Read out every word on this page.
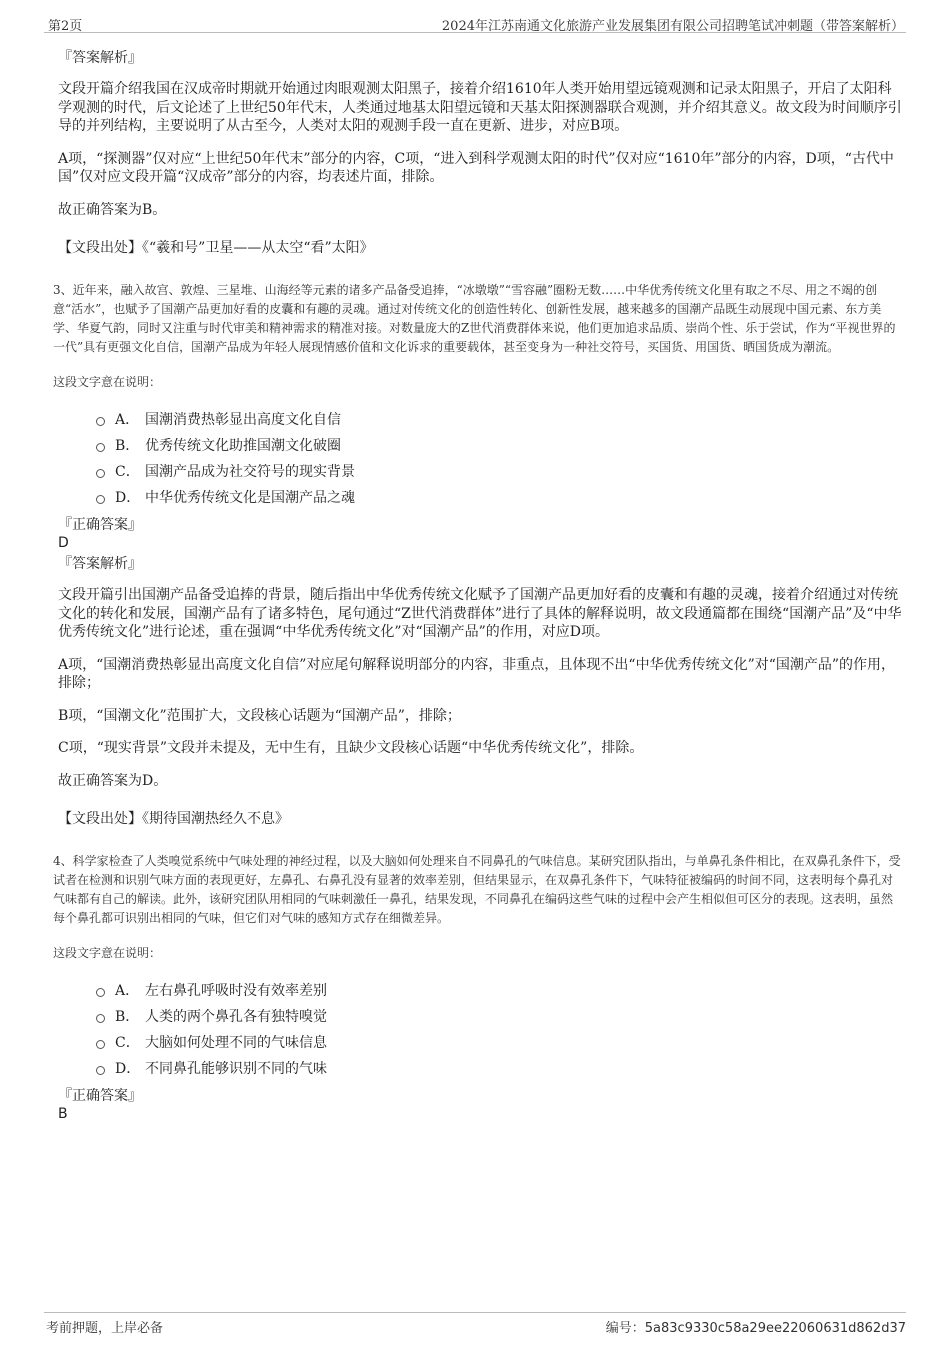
第2页	2024年江苏南通文化旅游产业发展集团有限公司招聘笔试冲刺题（带答案解析）
『答案解析』
文段开篇介绍我国在汉成帝时期就开始通过肉眼观测太阳黑子，接着介绍1610年人类开始用望远镜观测和记录太阳黑子，开启了太阳科学观测的时代，后文论述了上世纪50年代末，人类通过地基太阳望远镜和天基太阳探测器联合观测，并介绍其意义。故文段为时间顺序引导的并列结构，主要说明了从古至今，人类对太阳的观测手段一直在更新、进步，对应B项。
A项，“探测器”仅对应“上世纪50年代末”部分的内容，C项，“进入到科学观测太阳的时代”仅对应“1610年”部分的内容，D项，“古代中国”仅对应文段开篇“汉成帝”部分的内容，均表述片面，排除。
故正确答案为B。
【文段出处】《“羲和号”卫星——从太空“看”太阳》
3、近年来，融入故宫、敦煌、三星堆、山海经等元素的诸多产品备受追捧，“冰墩墩”“雪容融”圈粉无数……中华优秀传统文化里有取之不尽、用之不竭的创意“活水”，也赋予了国潮产品更加好看的皮囊和有趣的灵魂。通过对传统文化的创造性转化、创新性发展，越来越多的国潮产品既生动展现中国元素、东方美学、华夏气韵，同时又注重与时代审美和精神需求的精准对接。对数量庞大的Z世代消费群体来说，他们更加追求品质、崇尚个性、乐于尝试，作为“平视世界的一代”具有更强文化自信，国潮产品成为年轻人展现情感价值和文化诉求的重要载体，甚至变身为一种社交符号，买国货、用国货、晒国货成为潮流。
这段文字意在说明：
A． 国潮消费热彰显出高度文化自信
B． 优秀传统文化助推国潮文化破圈
C． 国潮产品成为社交符号的现实背景
D． 中华优秀传统文化是国潮产品之魂
『正确答案』
D
『答案解析』
文段开篇引出国潮产品备受追捧的背景，随后指出中华优秀传统文化赋予了国潮产品更加好看的皮囊和有趣的灵魂，接着介绍通过对传统文化的转化和发展，国潮产品有了诸多特色，尾句通过“Z世代消费群体”进行了具体的解释说明，故文段通篇都在围绕“国潮产品”及“中华优秀传统文化”进行论述，重在强调“中华优秀传统文化”对“国潮产品”的作用，对应D项。
A项，“国潮消费热彰显出高度文化自信”对应尾句解释说明部分的内容，非重点，且体现不出“中华优秀传统文化”对“国潮产品”的作用，排除；
B项，“国潮文化”范围扩大，文段核心话题为“国潮产品”，排除；
C项，“现实背景”文段并未提及，无中生有，且缺少文段核心话题“中华优秀传统文化”，排除。
故正确答案为D。
【文段出处】《期待国潮热经久不息》
4、科学家检查了人类嗅觉系统中气味处理的神经过程，以及大脑如何处理来自不同鼻孔的气味信息。某研究团队指出，与单鼻孔条件相比，在双鼻孔条件下，受试者在检测和识别气味方面的表现更好，左鼻孔、右鼻孔没有显著的效率差别，但结果显示，在双鼻孔条件下，气味特征被编码的时间不同，这表明每个鼻孔对气味都有自己的解读。此外，该研究团队用相同的气味刺激任一鼻孔，结果发现，不同鼻孔在编码这些气味的过程中会产生相似但可区分的表现。这表明，虽然每个鼻孔都可识别出相同的气味，但它们对气味的感知方式存在细微差异。
这段文字意在说明：
A． 左右鼻孔呼吸时没有效率差别
B． 人类的两个鼻孔各有独特嗅觉
C． 大脑如何处理不同的气味信息
D． 不同鼻孔能够识别不同的气味
『正确答案』
B
考前押题，上岸必备	编号：5a83c9330c58a29ee22060631d862d37
